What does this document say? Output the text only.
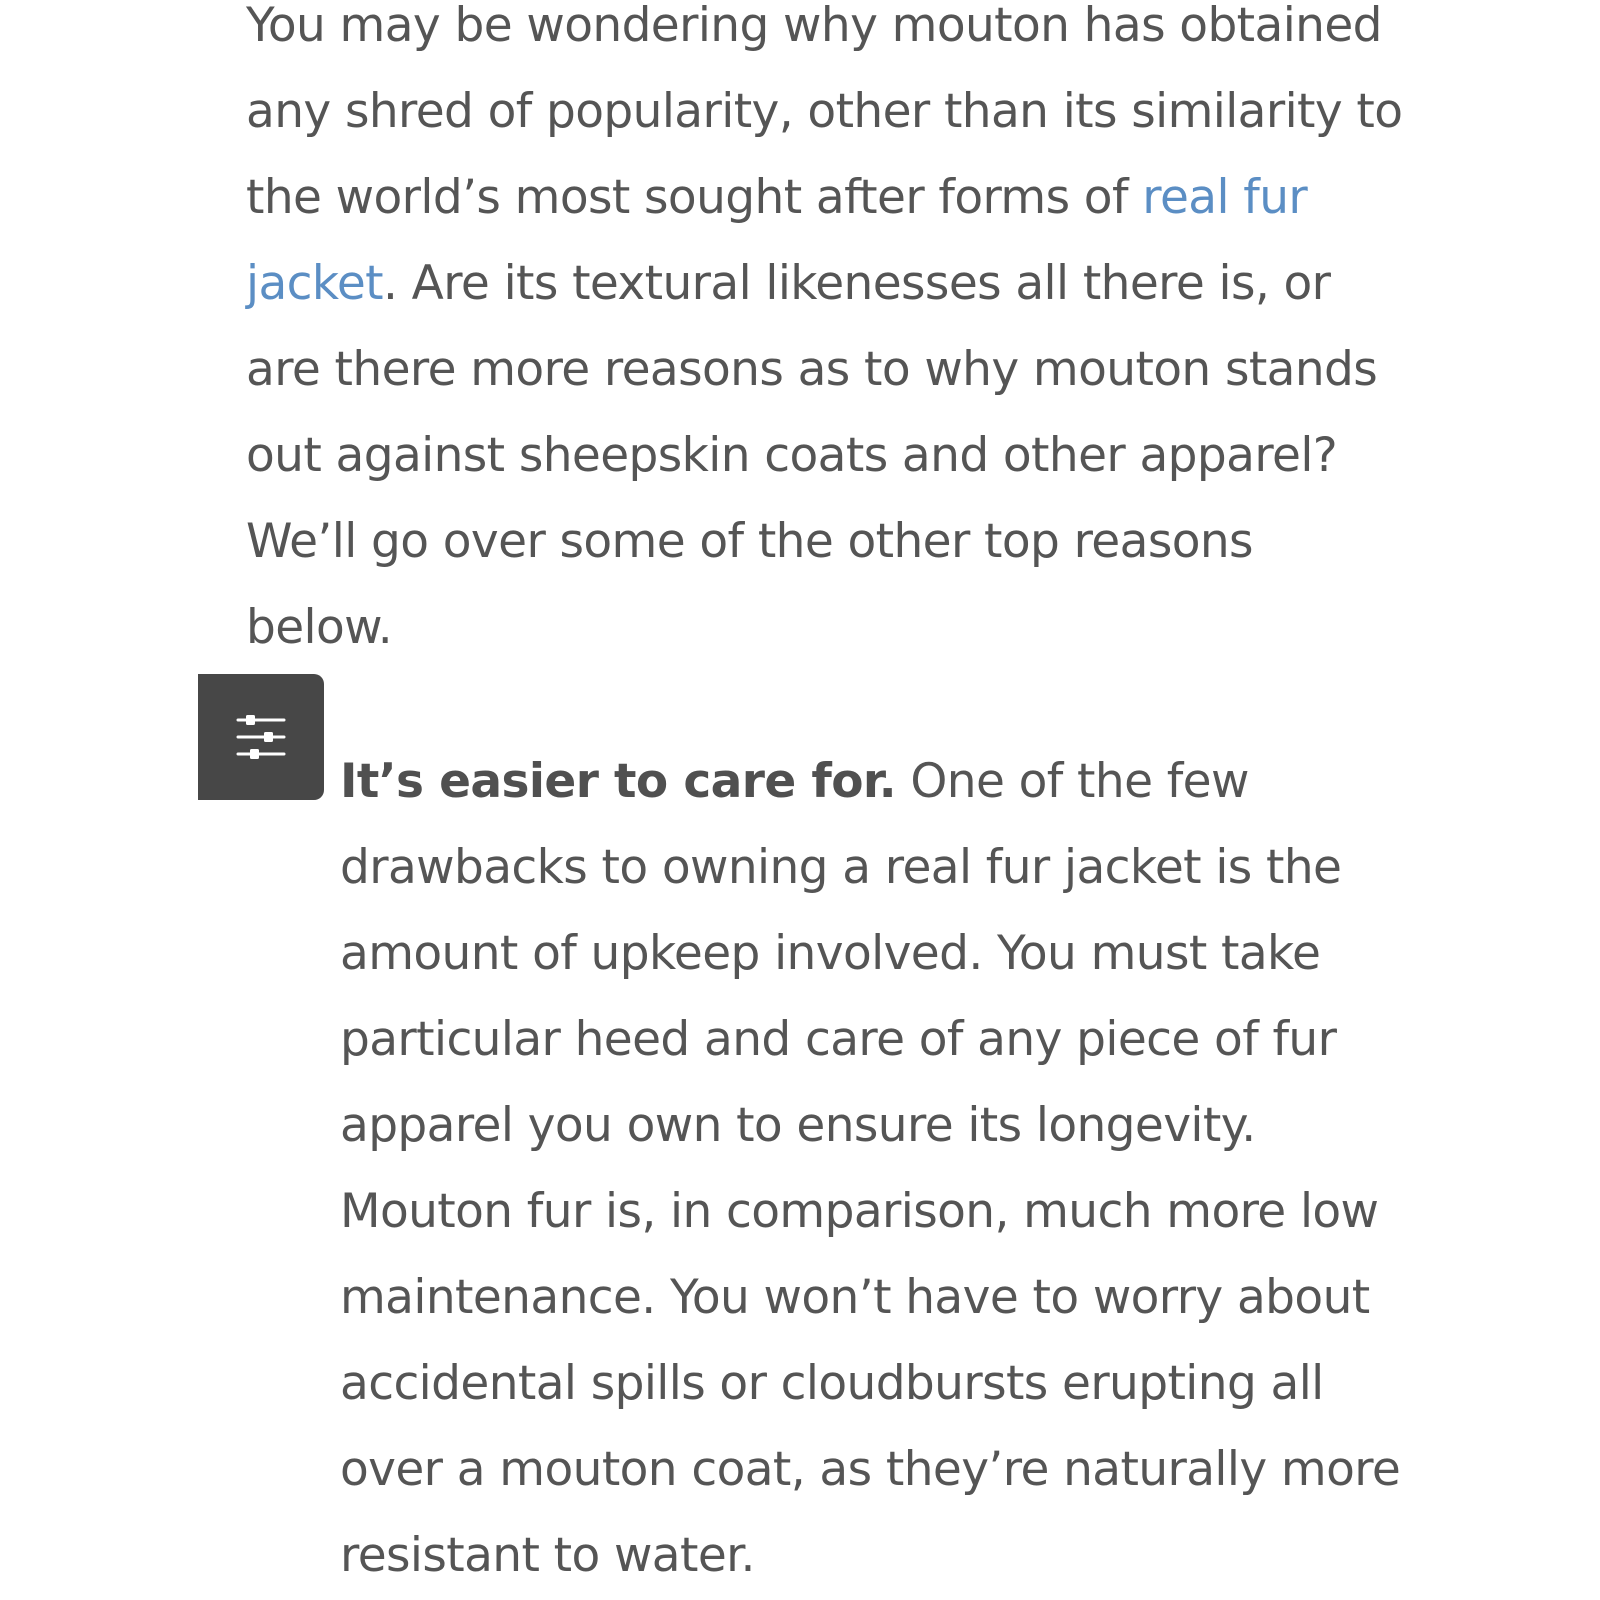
You may be wondering why mouton has obtained

any shred of popularity, other than its similarity to

the world’s most sought after forms of real fur

jacket. Are its textural likenesses all there is, or

are there more reasons as to why mouton stands

out against sheepskin coats and other apparel?

We’ll go over some of the other top reasons

below.

It’s easier to care for. One of the few

drawbacks to owning a real fur jacket is the

amount of upkeep involved. You must take

particular heed and care of any piece of fur

apparel you own to ensure its longevity.

Mouton fur is, in comparison, much more low

maintenance. You won’t have to worry about

accidental spills or cloudbursts erupting all

over a mouton coat, as they’re naturally more

resistant to water.
